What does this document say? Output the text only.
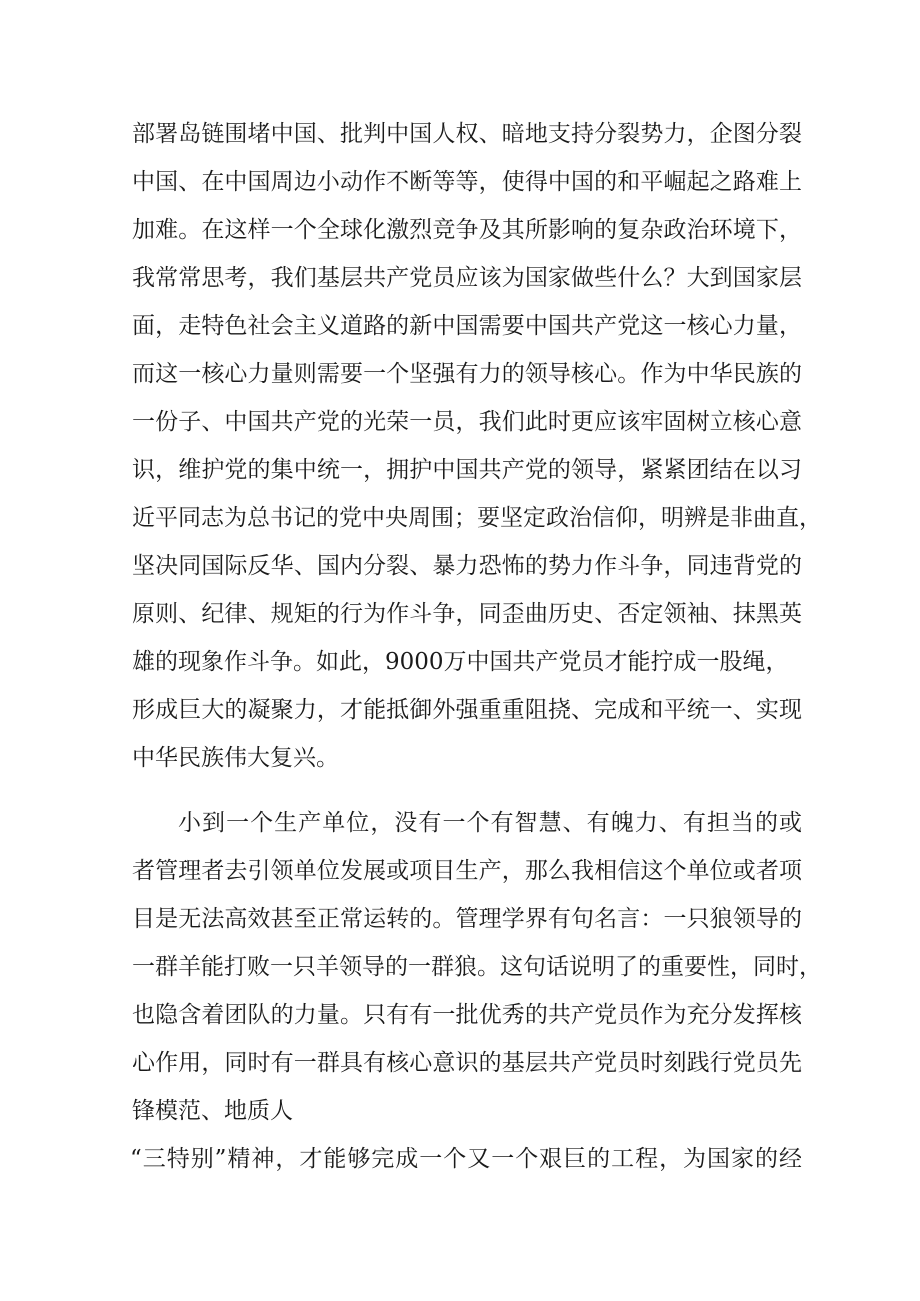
部署岛链围堵中国、批判中国人权、暗地支持分裂势力，企图分裂
中国、在中国周边小动作不断等等，使得中国的和平崛起之路难上
加难。在这样一个全球化激烈竞争及其所影响的复杂政治环境下，
我常常思考，我们基层共产党员应该为国家做些什么？大到国家层
面，走特色社会主义道路的新中国需要中国共产党这一核心力量，
而这一核心力量则需要一个坚强有力的领导核心。作为中华民族的
一份子、中国共产党的光荣一员，我们此时更应该牢固树立核心意
识，维护党的集中统一，拥护中国共产党的领导，紧紧团结在以习
近平同志为总书记的党中央周围；要坚定政治信仰，明辨是非曲直，
坚决同国际反华、国内分裂、暴力恐怖的势力作斗争，同违背党的
原则、纪律、规矩的行为作斗争，同歪曲历史、否定领袖、抹黑英
雄的现象作斗争。如此，9000万中国共产党员才能拧成一股绳，
形成巨大的凝聚力，才能抵御外强重重阻挠、完成和平统一、实现
中华民族伟大复兴。
小到一个生产单位，没有一个有智慧、有魄力、有担当的或
者管理者去引领单位发展或项目生产，那么我相信这个单位或者项
目是无法高效甚至正常运转的。管理学界有句名言：一只狼领导的
一群羊能打败一只羊领导的一群狼。这句话说明了的重要性，同时，
也隐含着团队的力量。只有有一批优秀的共产党员作为充分发挥核
心作用，同时有一群具有核心意识的基层共产党员时刻践行党员先
锋模范、地质人
“三特别”精神，才能够完成一个又一个艰巨的工程，为国家的经
